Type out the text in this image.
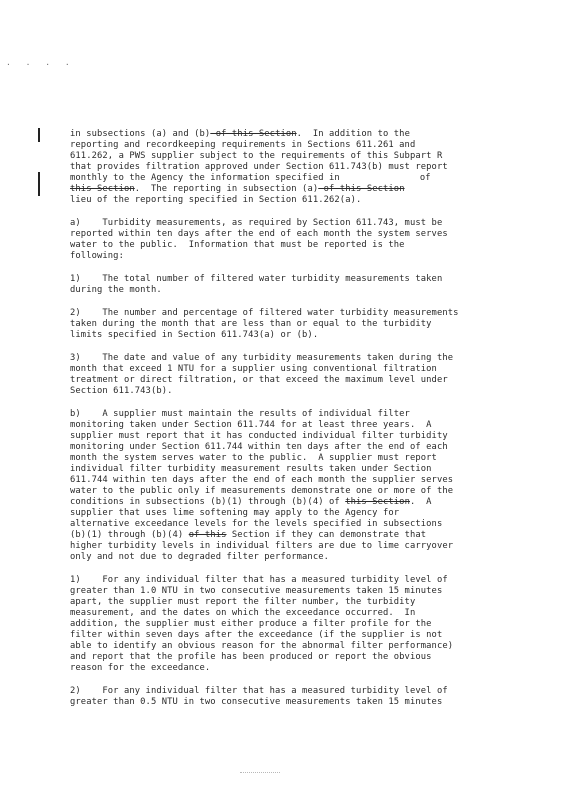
. . . .
in subsections (a) and (b) of this Section.  In addition to the
reporting and recordkeeping requirements in Sections 611.261 and
611.262, a PWS supplier subject to the requirements of this Subpart R
that provides filtration approved under Section 611.743(b) must report
monthly to the Agency the information specified in	of
this Section.  The reporting in subsection (a) of this Section
lieu of the reporting specified in Section 611.262(a).
a)    Turbidity measurements, as required by Section 611.743, must be
reported within ten days after the end of each month the system serves
water to the public.  Information that must be reported is the
following:
1)    The total number of filtered water turbidity measurements taken
during the month.
2)    The number and percentage of filtered water turbidity measurements
taken during the month that are less than or equal to the turbidity
limits specified in Section 611.743(a) or (b).
3)    The date and value of any turbidity measurements taken during the
month that exceed 1 NTU for a supplier using conventional filtration
treatment or direct filtration, or that exceed the maximum level under
Section 611.743(b).
b)    A supplier must maintain the results of individual filter
monitoring taken under Section 611.744 for at least three years.  A
supplier must report that it has conducted individual filter turbidity
monitoring under Section 611.744 within ten days after the end of each
month the system serves water to the public.  A supplier must report
individual filter turbidity measurement results taken under Section
611.744 within ten days after the end of each month the supplier serves
water to the public only if measurements demonstrate one or more of the
conditions in subsections (b)(1) through (b)(4) of this Section.  A
supplier that uses lime softening may apply to the Agency for
alternative exceedance levels for the levels specified in subsections
(b)(1) through (b)(4) of this Section if they can demonstrate that
higher turbidity levels in individual filters are due to lime carryover
only and not due to degraded filter performance.
1)    For any individual filter that has a measured turbidity level of
greater than 1.0 NTU in two consecutive measurements taken 15 minutes
apart, the supplier must report the filter number, the turbidity
measurement, and the dates on which the exceedance occurred.  In
addition, the supplier must either produce a filter profile for the
filter within seven days after the exceedance (if the supplier is not
able to identify an obvious reason for the abnormal filter performance)
and report that the profile has been produced or report the obvious
reason for the exceedance.
2)    For any individual filter that has a measured turbidity level of
greater than 0.5 NTU in two consecutive measurements taken 15 minutes
